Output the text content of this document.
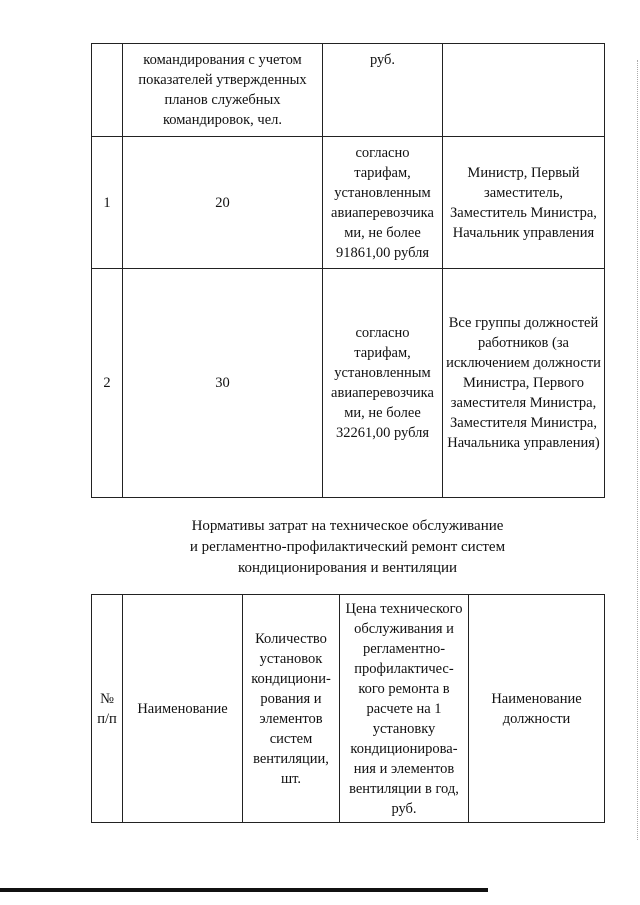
	командирования с учетом показателей утвержденных планов служебных командировок, чел.	руб.	
1	20	согласно тарифам, установленным авиаперевозчика ми, не более 91861,00 рубля	Министр, Первый заместитель, Заместитель Министра, Начальник управления
2	30	согласно тарифам, установленным авиаперевозчика ми, не более 32261,00 рубля	Все группы должностей работников (за исключением должности Министра, Первого заместителя Министра, Заместителя Министра, Начальника управления)
Нормативы затрат на техническое обслуживание
и регламентно-профилактический ремонт систем
кондиционирования и вентиляции
№ п/п	Наименование	Количество установок кондициони- рования и элементов систем вентиляции, шт.	Цена технического обслуживания и регламентно- профилактичес- кого ремонта в расчете на 1 установку кондиционирова- ния и элементов вентиляции в год, руб.	Наименование должности
